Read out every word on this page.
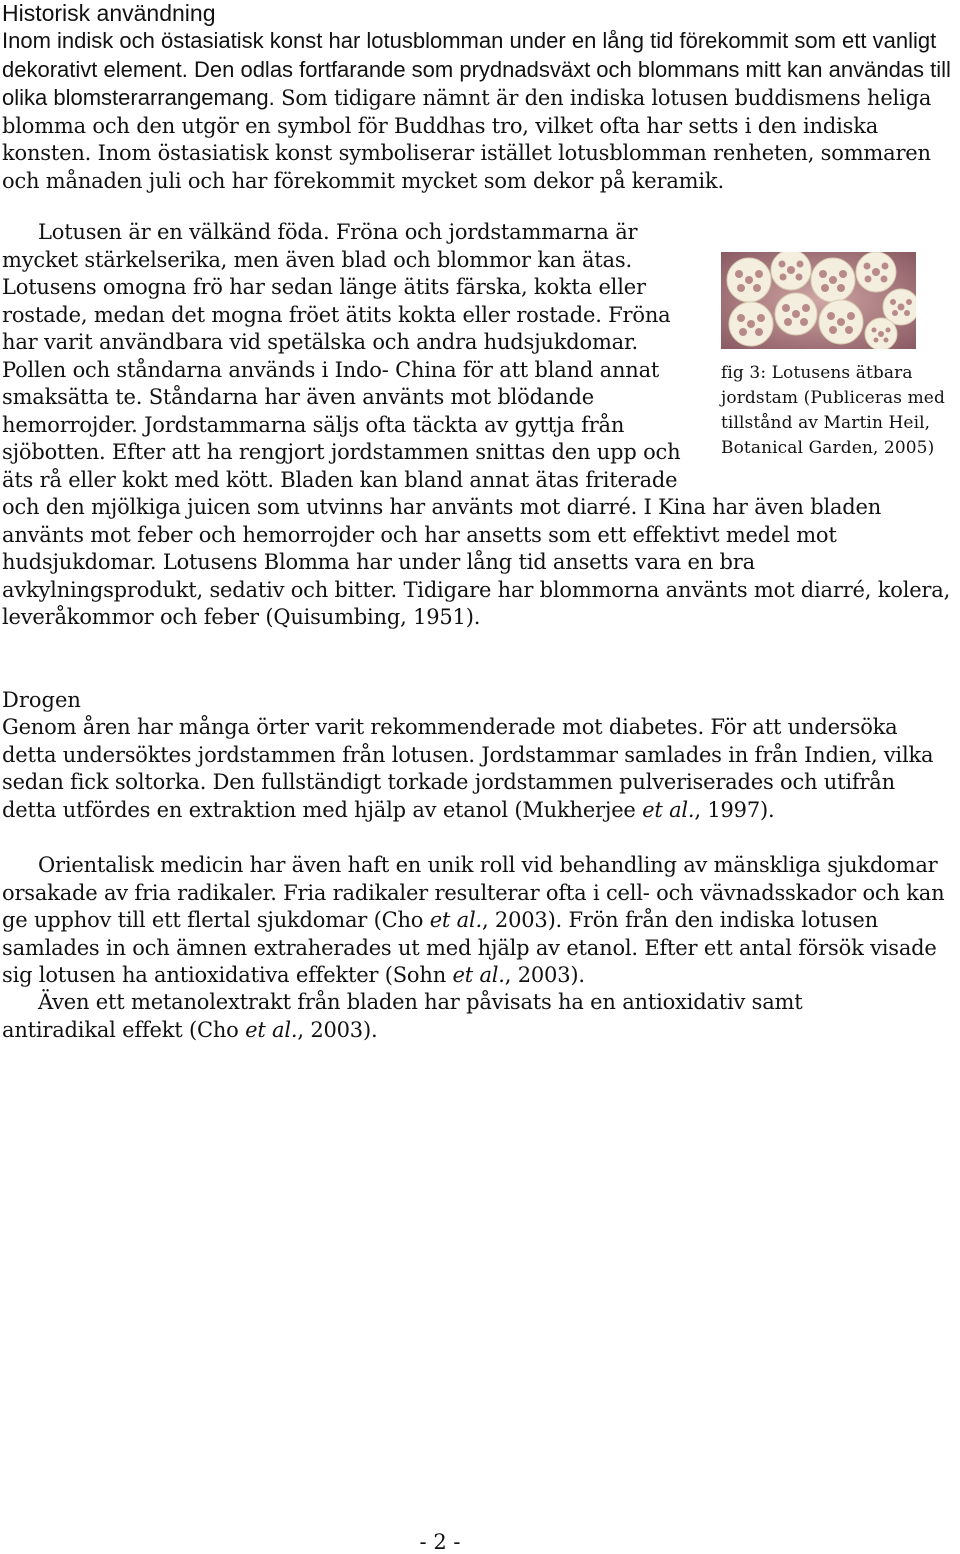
Historisk användning

Inom indisk och östasiatisk konst har lotusblomman under en lång tid förekommit som ett vanligt dekorativt element. Den odlas fortfarande som prydnadsväxt och blommans mitt kan användas till olika blomsterarrangemang. Som tidigare nämnt är den indiska lotusen buddismens heliga blomma och den utgör en symbol för Buddhas tro, vilket ofta har setts i den indiska konsten. Inom östasiatisk konst symboliserar istället lotusblomman renheten, sommaren och månaden juli och har förekommit mycket som dekor på keramik.

Lotusen är en välkänd föda. Fröna och jordstammarna är mycket stärkelserika, men även blad och blommor kan ätas. Lotusens omogna frö har sedan länge ätits färska, kokta eller rostade, medan det mogna fröet ätits kokta eller rostade. Fröna har varit användbara vid spetälska och andra hudsjukdomar. Pollen och ståndarna används i Indo- China för att bland annat smaksätta te. Ståndarna har även använts mot blödande hemorrojder. Jordstammarna säljs ofta täckta av gyttja från sjöbotten. Efter att ha rengjort jordstammen snittas den upp och äts rå eller kokt med kött. Bladen kan bland annat ätas friterade och den mjölkiga juicen som utvinns har använts mot diarré. I Kina har även bladen använts mot feber och hemorrojder och har ansetts som ett effektivt medel mot hudsjukdomar. Lotusens Blomma har under lång tid ansetts vara en bra avkylningsprodukt, sedativ och bitter. Tidigare har blommorna använts mot diarré, kolera, leveråkommor och feber (Quisumbing, 1951).
fig 3: Lotusens ätbara jordstam (Publiceras med tillstånd av Martin Heil, Botanical Garden, 2005)
Drogen

Genom åren har många örter varit rekommenderade mot diabetes. För att undersöka detta undersöktes jordstammen från lotusen. Jordstammar samlades in från Indien, vilka sedan fick soltorka. Den fullständigt torkade jordstammen pulveriserades och utifrån detta utfördes en extraktion med hjälp av etanol (Mukherjee et al., 1997).

Orientalisk medicin har även haft en unik roll vid behandling av mänskliga sjukdomar orsakade av fria radikaler. Fria radikaler resulterar ofta i cell- och vävnadsskador och kan ge upphov till ett flertal sjukdomar (Cho et al., 2003). Frön från den indiska lotusen samlades in och ämnen extraherades ut med hjälp av etanol. Efter ett antal försök visade sig lotusen ha antioxidativa effekter (Sohn et al., 2003).

Även ett metanolextrakt från bladen har påvisats ha en antioxidativ samt antiradikal effekt (Cho et al., 2003).

- 2 -
